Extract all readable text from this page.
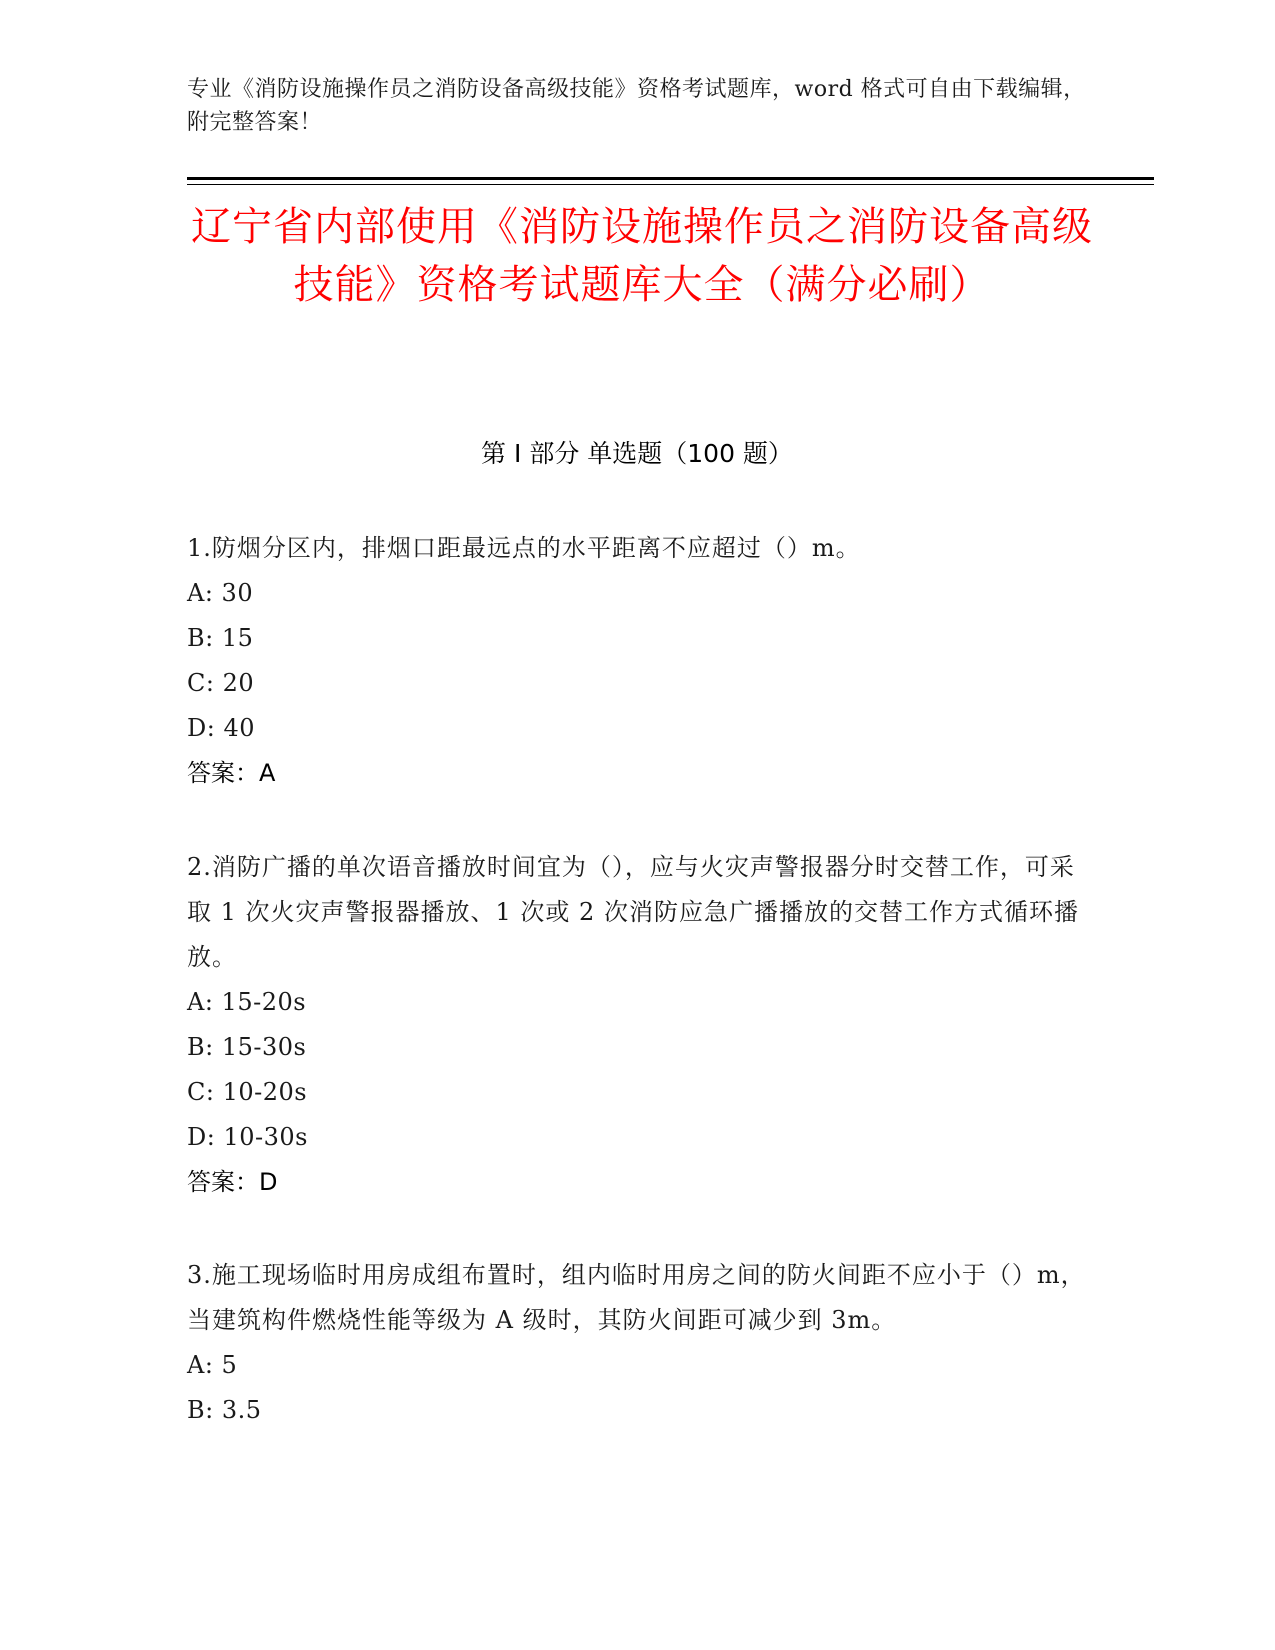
专业《消防设施操作员之消防设备高级技能》资格考试题库，word 格式可自由下载编辑，附完整答案！
辽宁省内部使用《消防设施操作员之消防设备高级技能》资格考试题库大全（满分必刷）
第 I 部分 单选题（100 题）
1.防烟分区内，排烟口距最远点的水平距离不应超过（）m。
A: 30
B: 15
C: 20
D: 40
答案：A
2.消防广播的单次语音播放时间宜为（），应与火灾声警报器分时交替工作，可采取 1 次火灾声警报器播放、1 次或 2 次消防应急广播播放的交替工作方式循环播放。
A: 15-20s
B: 15-30s
C: 10-20s
D: 10-30s
答案：D
3.施工现场临时用房成组布置时，组内临时用房之间的防火间距不应小于（）m，当建筑构件燃烧性能等级为 A 级时，其防火间距可减少到 3m。
A: 5
B: 3.5
